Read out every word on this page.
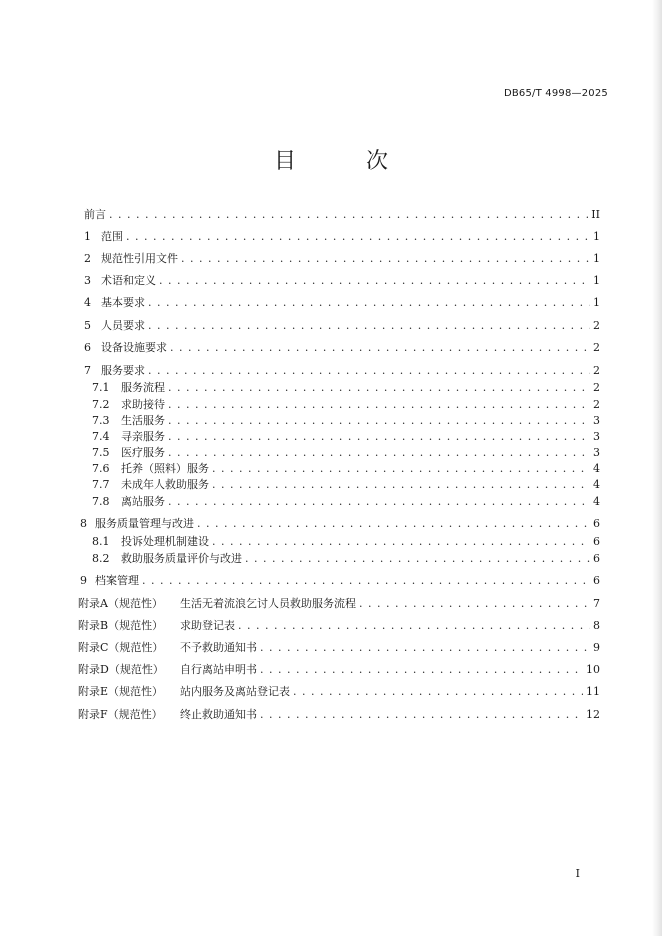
DB65/T 4998—2025
目　次
前言 . . .	II
1 范围 . . .	1
2 规范性引用文件 . . .	1
3 术语和定义 . . .	1
4 基本要求 . . .	1
5 人员要求 . . .	2
6 设备设施要求 . . .	2
7 服务要求 . . .	2
7.1	服务流程 . . .	2
7.2	求助接待 . . .	2
7.3	生活服务 . . .	3
7.4	寻亲服务 . . .	3
7.5	医疗服务 . . .	3
7.6	托养（照料）服务 . . .	4
7.7	未成年人救助服务 . . .	4
7.8	离站服务 . . .	4
8 服务质量管理与改进 . . .	6
8.1	投诉处理机制建设 . . .	6
8.2	救助服务质量评价与改进 . . .	6
9 档案管理 . . .	6
附录A（规范性）	生活无着流浪乞讨人员救助服务流程 . . .	7
附录B（规范性）	求助登记表 . . .	8
附录C（规范性）	不予救助通知书 . . .	9
附录D（规范性）	自行离站申明书 . . .	10
附录E（规范性）	站内服务及离站登记表 . . .	11
附录F（规范性）	终止救助通知书 . . .	12
I
